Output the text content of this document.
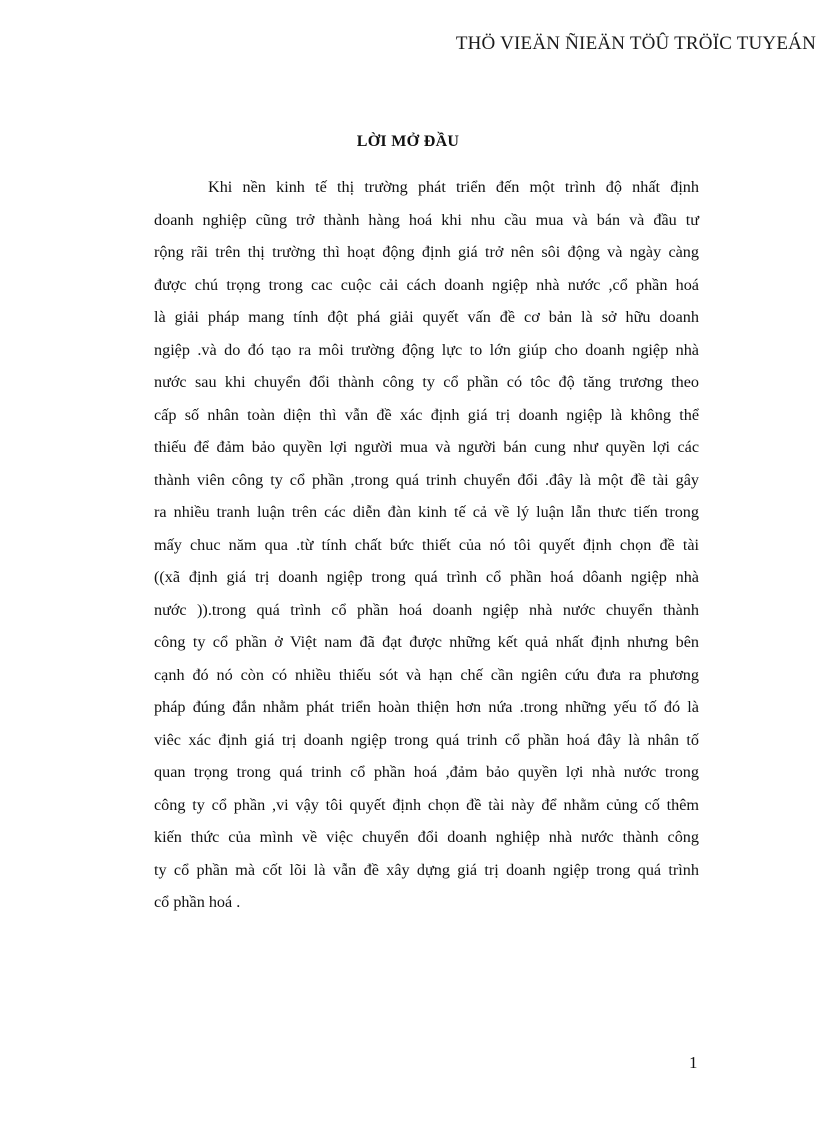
THÖ VIEÄN ÑIEÄN TÖÛ TRÖÏC TUYEÁN
LỜI MỞ ĐẦU
Khi nền kinh tế thị trường phát triển đến một trình độ nhất định
doanh nghiệp cũng trở thành hàng hoá khi nhu cầu mua và bán và đầu tư
rộng rãi trên thị trường thì hoạt động định giá trở nên sôi động và ngày càng
được chú trọng trong cac cuộc cải cách doanh ngiệp nhà nước ,cổ phần hoá
là giải pháp mang tính đột phá giải quyết vấn đề cơ bản là sở hữu doanh
ngiệp .và do đó tạo ra môi trường động lực to lớn giúp cho doanh ngiệp nhà
nước sau khi chuyển đổi thành công ty cổ phần có tôc độ tăng trương theo
cấp số nhân toàn diện thì vẫn đề xác định giá trị doanh ngiệp là không thể
thiếu để đảm bảo quyền lợi người mua và người bán cung như quyền lợi các
thành viên công ty cổ phần ,trong quá trinh chuyển đổi .đây là một đề tài gây
ra nhiều tranh luận trên các diễn đàn kinh tế cả về lý luận lẫn thưc tiến trong
mấy chuc năm qua .từ tính chất bức thiết của nó tôi quyết định chọn đề tài
((xã định giá trị doanh ngiệp trong quá trình cổ phần hoá dôanh ngiệp nhà
nước )).trong quá trình cổ phần hoá doanh ngiệp nhà nước chuyển thành
công ty cổ phần ở Việt nam đã đạt được những kết quả nhất định nhưng bên
cạnh đó nó còn có nhiều thiếu sót và hạn chế cần ngiên cứu đưa ra phương
pháp đúng đắn nhằm phát triển hoàn thiện hơn nứa .trong những yếu tố đó là
viêc xác định giá trị doanh ngiệp trong quá trinh cổ phần hoá đây là nhân tố
quan trọng trong quá trinh cổ phần hoá ,đảm bảo quyền lợi nhà nước trong
công ty cổ phần ,vi vậy tôi quyết định chọn đề tài này để nhằm củng cố thêm
kiến thức của mình về việc chuyển đổi doanh nghiệp nhà nước thành công
ty cổ phần mà cốt lõi là vẫn đề xây dựng giá trị doanh ngiệp trong quá trình
cổ phần hoá .
1
